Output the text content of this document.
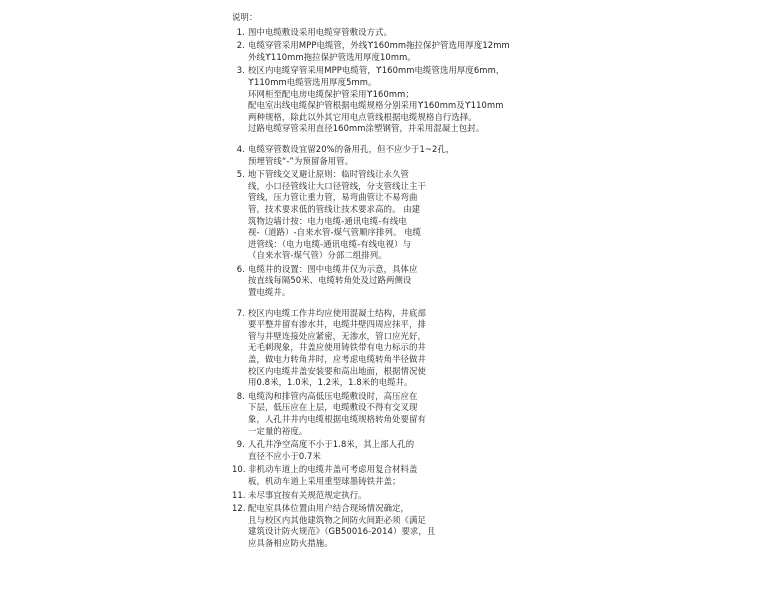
说明：
1. 图中电缆敷设采用电缆穿管敷设方式。
2. 电缆穿管采用MPP电缆管，外线ϒ160mm拖拉保护管选用厚度12mm
外线ϒ110mm拖拉保护管选用厚度10mm。
3. 校区内电缆穿管采用MPP电缆管，ϒ160mm电缆管选用厚度6mm，
ϒ110mm电缆管选用厚度5mm。
环网柜至配电房电缆保护管采用ϒ160mm；
配电室出线电缆保护管根据电缆规格分别采用ϒ160mm及ϒ110mm
两种规格，除此以外其它用电点管线根据电缆规格自行选择。
过路电缆穿管采用直径160mm涂塑钢管，并采用混凝土包封。
4. 电缆穿管数设宜留20%的备用孔，但不应少于1~2孔，
预埋管线“-”为预留备用管。
5. 地下管线交叉避让原则：临时管线让永久管
线，小口径管线让大口径管线，分支管线让主干
管线，压力管让重力管，易弯曲管让不易弯曲
管，技术要求低的管线让技术要求高的。 由建
筑物边墙计按：电力电缆-通讯电缆-有线电
视-（道路）-自来水管-煤气管顺序排列。 电缆
进管线：（电力电缆-通讯电缆-有线电视）与
（自来水管-煤气管）分部二组排列。
6. 电缆井的设置：图中电缆井仅为示意，具体应
按直线每隔50米、电缆转角处及过路两侧设
置电缆井。
7. 校区内电缆工作井均应使用混凝土结构，井底部
要平整并留有渗水井，电缆井壁四周应抹平，排
管与井壁连接处应紧密，无渗水，管口应光好，
无毛刺现象，井盖应使用铸铁带有电力标示的井
盖，做电力转角井时，应考虑电缆转角半径做井
校区内电缆井盖安装要和高出地面，根据情况使
用0.8米，1.0米，1.2米，1.8米的电缆井。
8. 电缆沟和排管内高低压电缆敷设时，高压应在
下层，低压应在上层，电缆敷设不得有交叉现
象，人孔井井内电缆根据电缆规格转角处要留有
一定量的裕度。
9. 人孔井净空高度不小于1.8米，其上部人孔的
直径不应小于0.7米
10. 非机动车道上的电缆井盖可考虑用复合材料盖
板，机动车道上采用重型球墨铸铁井盖；
11. 未尽事宜按有关规范规定执行。
12. 配电室具体位置由用户结合现场情况确定，
且与校区内其他建筑物之间防火间距必须《满足
建筑设计防火规范》（GB50016-2014）要求，且
应具备相应防火措施。
